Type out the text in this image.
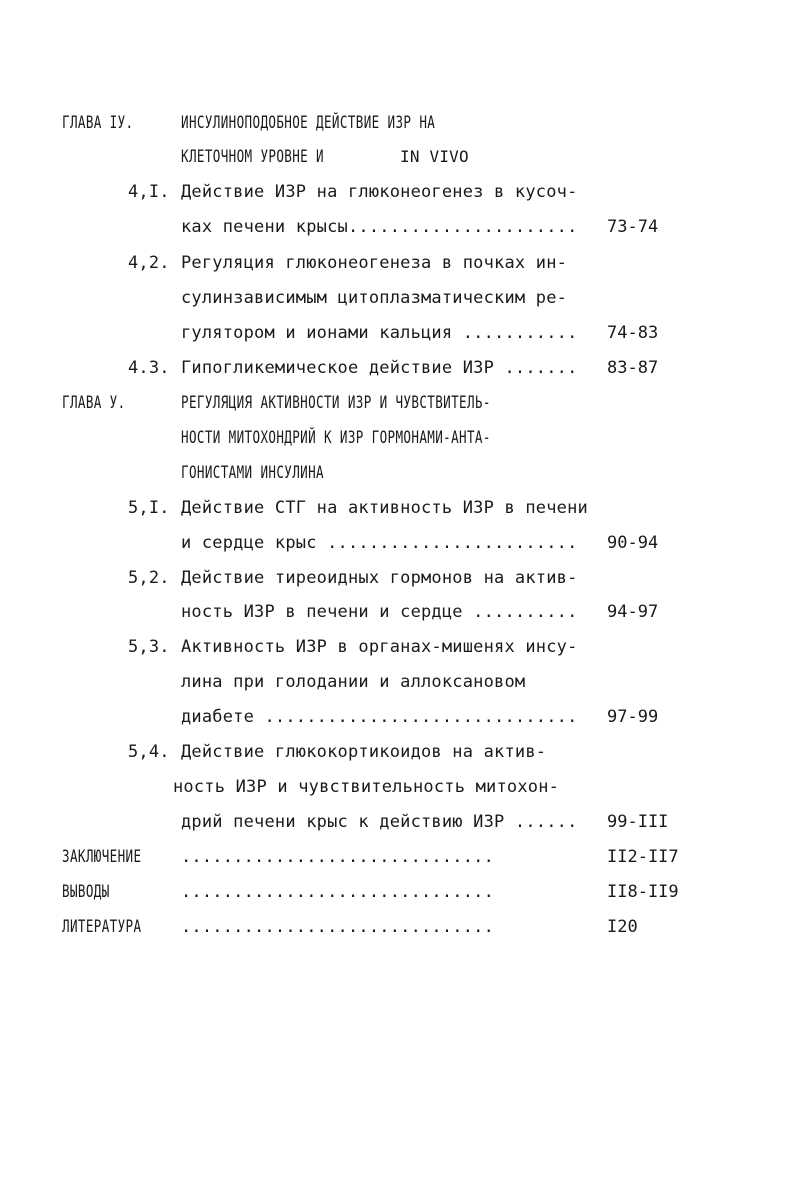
ГЛАВА IУ.	ИНСУЛИНОПОДОБНОЕ ДЕЙСТВИЕ ИЗР НА
КЛЕТОЧНОМ УРОВНЕ И	IN VIVO
4,I. Действие ИЗР на глюконеогенез в кусоч-
ках печени крысы...................... 73-74
4,2. Регуляция глюконеогенеза в почках ин-
сулинзависимым цитоплазматическим ре-
гулятором и ионами кальция ........... 74-83
4.3. Гипогликемическое действие ИЗР ....... 83-87
ГЛАВА У.	РЕГУЛЯЦИЯ АКТИВНОСТИ ИЗР И ЧУВСТВИТЕЛЬ-
НОСТИ МИТОХОНДРИЙ К ИЗР ГОРМОНАМИ-АНТА-
ГОНИСТАМИ ИНСУЛИНА
5,I. Действие СТГ на активность ИЗР в печени
и сердце крыс ........................ 90-94
5,2. Действие тиреоидных гормонов на актив-
ность ИЗР в печени и сердце .......... 94-97
5,3. Активность ИЗР в органах-мишенях инсу-
лина при голодании и аллоксановом
диабете .............................. 97-99
5,4. Действие глюкокортикоидов на актив-
ность ИЗР и чувствительность митохон-
дрий печени крыс к действию ИЗР ...... 99-III
ЗАКЛЮЧЕНИЕ ..............................	II2-II7
ВЫВОДЫ	..............................	II8-II9
ЛИТЕРАТУРА ..............................	I20
